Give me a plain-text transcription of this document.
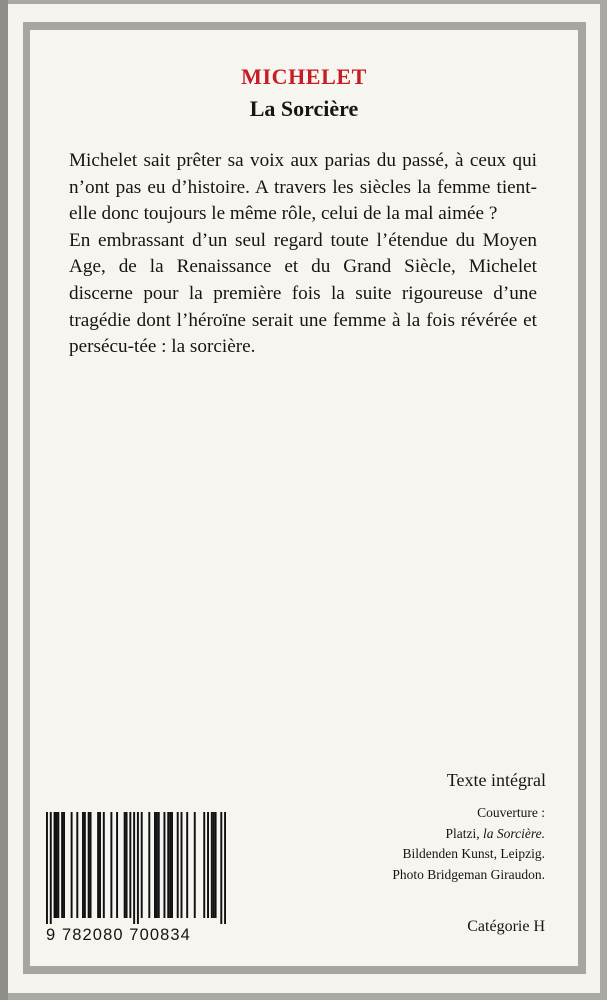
MICHELET
La Sorcière

Michelet sait prêter sa voix aux parias du passé, à ceux qui n’ont pas eu d’histoire. A travers les siècles la femme tient-elle donc toujours le même rôle, celui de la mal aimée ?

En embrassant d’un seul regard toute l’étendue du Moyen Age, de la Renaissance et du Grand Siècle, Michelet discerne pour la première fois la suite rigoureuse d’une tragédie dont l’héroïne serait une femme à la fois révérée et persécu-tée : la sorcière.

Texte intégral

Couverture :
Platzi, la Sorcière.
Bildenden Kunst, Leipzig.
Photo Bridgeman Giraudon.

Catégorie H

9 782080 700834
